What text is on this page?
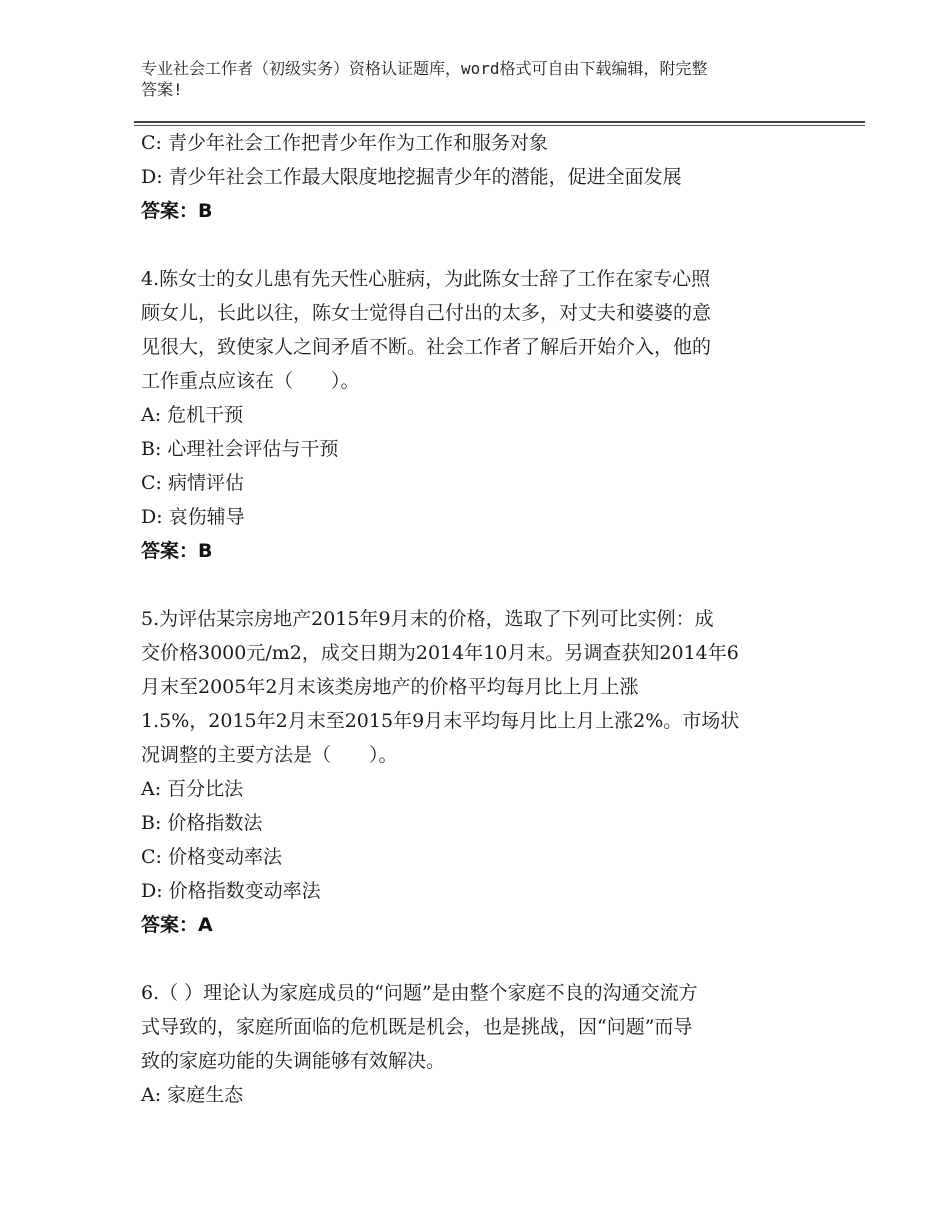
专业社会工作者（初级实务）资格认证题库，word格式可自由下载编辑，附完整
答案!
C: 青少年社会工作把青少年作为工作和服务对象
D: 青少年社会工作最大限度地挖掘青少年的潜能，促进全面发展
答案：B
4.陈女士的女儿患有先天性心脏病，为此陈女士辞了工作在家专心照
顾女儿，长此以往，陈女士觉得自己付出的太多，对丈夫和婆婆的意
见很大，致使家人之间矛盾不断。社会工作者了解后开始介入，他的
工作重点应该在（　　）。
A: 危机干预
B: 心理社会评估与干预
C: 病情评估
D: 哀伤辅导
答案：B
5.为评估某宗房地产2015年9月末的价格，选取了下列可比实例：成
交价格3000元/m2，成交日期为2014年10月末。另调查获知2014年6
月末至2005年2月末该类房地产的价格平均每月比上月上涨
1.5%，2015年2月末至2015年9月末平均每月比上月上涨2%。市场状
况调整的主要方法是（　　）。
A: 百分比法
B: 价格指数法
C: 价格变动率法
D: 价格指数变动率法
答案：A
6.（ ）理论认为家庭成员的“问题”是由整个家庭不良的沟通交流方
式导致的，家庭所面临的危机既是机会，也是挑战，因“问题”而导
致的家庭功能的失调能够有效解决。
A: 家庭生态
